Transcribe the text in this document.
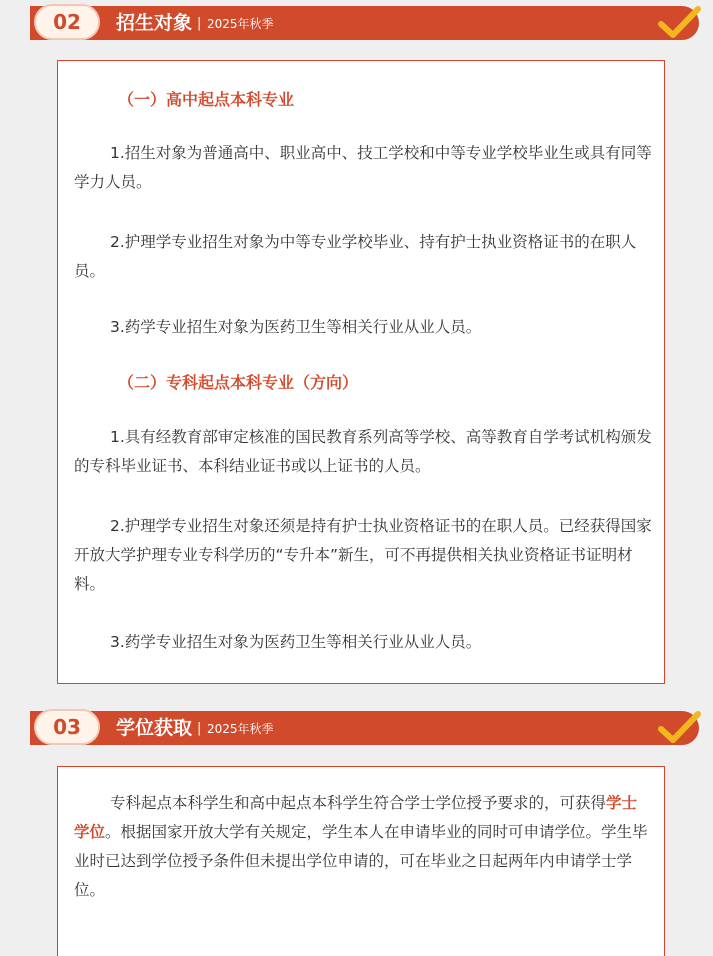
02	招生对象 | 2025年秋季
（一）高中起点本科专业

1.招生对象为普通高中、职业高中、技工学校和中等专业学校毕业生或具有同等学力人员。

2.护理学专业招生对象为中等专业学校毕业、持有护士执业资格证书的在职人员。

3.药学专业招生对象为医药卫生等相关行业从业人员。

（二）专科起点本科专业（方向）

1.具有经教育部审定核准的国民教育系列高等学校、高等教育自学考试机构颁发的专科毕业证书、本科结业证书或以上证书的人员。

2.护理学专业招生对象还须是持有护士执业资格证书的在职人员。已经获得国家开放大学护理专业专科学历的“专升本”新生，可不再提供相关执业资格证书证明材料。

3.药学专业招生对象为医药卫生等相关行业从业人员。

03	学位获取 | 2025年秋季

专科起点本科学生和高中起点本科学生符合学士学位授予要求的，可获得学士学位。根据国家开放大学有关规定，学生本人在申请毕业的同时可申请学位。学生毕业时已达到学位授予条件但未提出学位申请的，可在毕业之日起两年内申请学士学位。
